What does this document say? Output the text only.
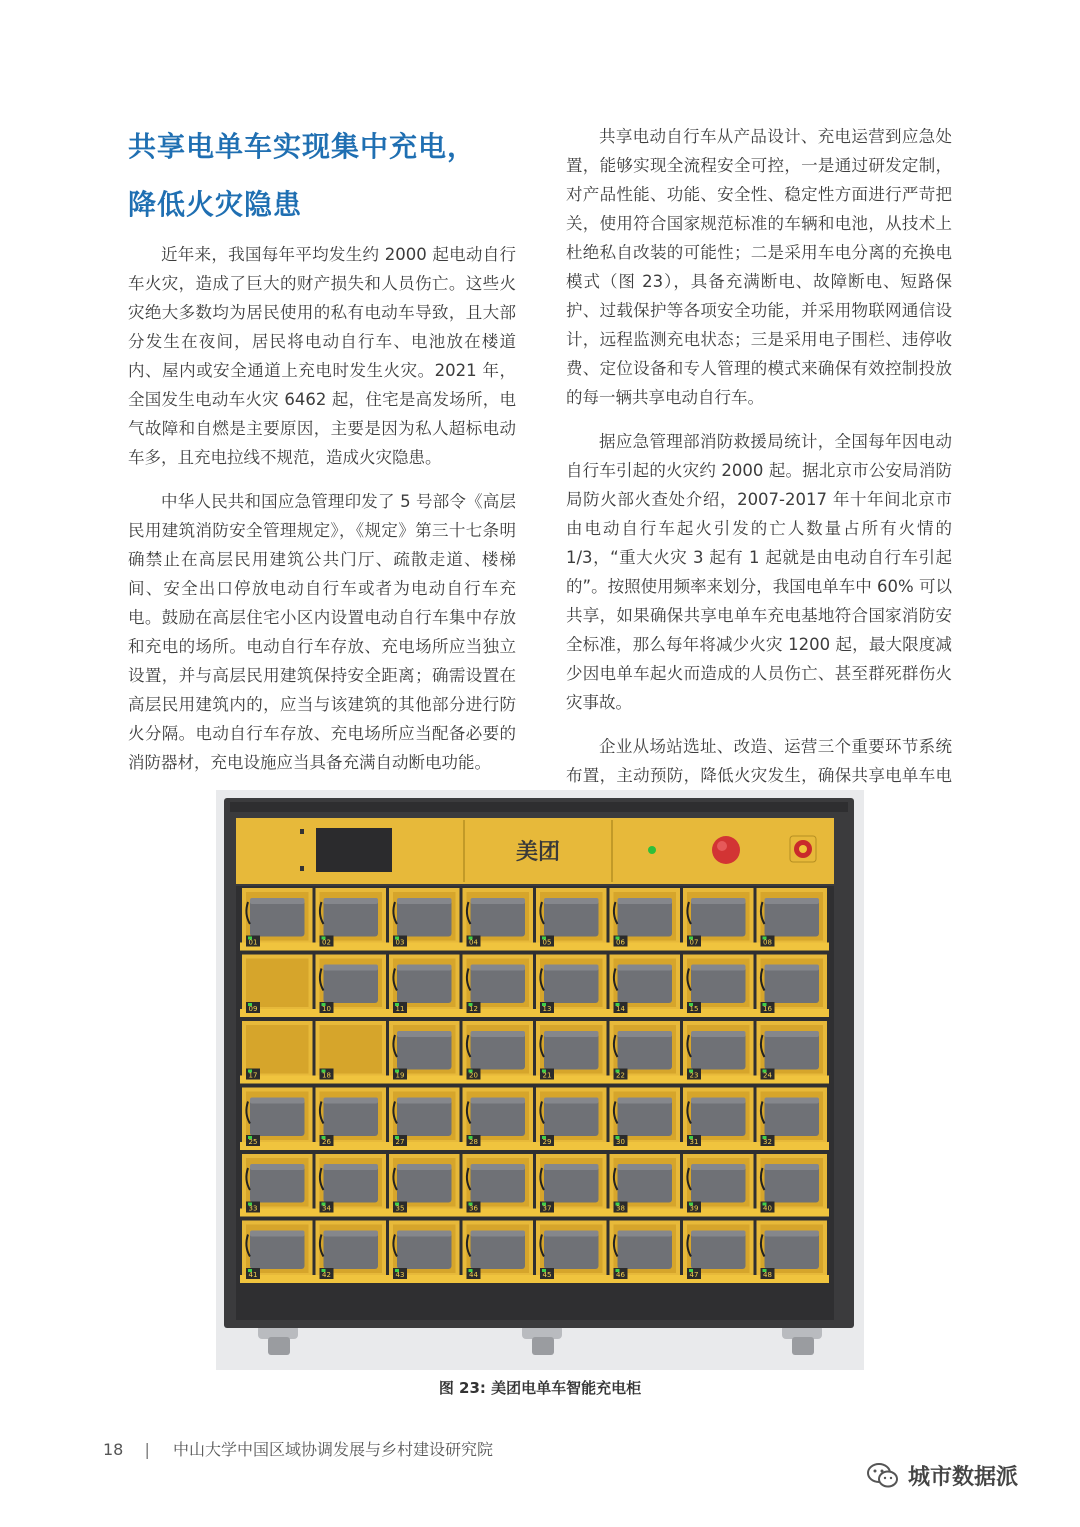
共享电单车实现集中充电，
降低火灾隐患

近年来，我国每年平均发生约 2000 起电动自行车火灾，造成了巨大的财产损失和人员伤亡。这些火灾绝大多数均为居民使用的私有电动车导致，且大部分发生在夜间，居民将电动自行车、电池放在楼道内、屋内或安全通道上充电时发生火灾。2021 年，全国发生电动车火灾 6462 起，住宅是高发场所，电气故障和自燃是主要原因，主要是因为私人超标电动车多，且充电拉线不规范，造成火灾隐患。

中华人民共和国应急管理印发了 5 号部令《高层民用建筑消防安全管理规定》，《规定》第三十七条明确禁止在高层民用建筑公共门厅、疏散走道、楼梯间、安全出口停放电动自行车或者为电动自行车充电。鼓励在高层住宅小区内设置电动自行车集中存放和充电的场所。电动自行车存放、充电场所应当独立设置，并与高层民用建筑保持安全距离；确需设置在高层民用建筑内的，应当与该建筑的其他部分进行防火分隔。电动自行车存放、充电场所应当配备必要的消防器材，充电设施应当具备充满自动断电功能。

共享电动自行车从产品设计、充电运营到应急处置，能够实现全流程安全可控，一是通过研发定制，对产品性能、功能、安全性、稳定性方面进行严苛把关，使用符合国家规范标准的车辆和电池，从技术上杜绝私自改装的可能性；二是采用车电分离的充换电模式（图 23），具备充满断电、故障断电、短路保护、过载保护等各项安全功能，并采用物联网通信设计，远程监测充电状态；三是采用电子围栏、违停收费、定位设备和专人管理的模式来确保有效控制投放的每一辆共享电动自行车。

据应急管理部消防救援局统计，全国每年因电动自行车引起的火灾约 2000 起。据北京市公安局消防局防火部火查处介绍，2007-2017 年十年间北京市由电动自行车起火引发的亡人数量占所有火情的 1/3，“重大火灾 3 起有 1 起就是由电动自行车引起的”。按照使用频率来划分，我国电单车中 60% 可以共享，如果确保共享电单车充电基地符合国家消防安全标准，那么每年将减少火灾 1200 起，最大限度减少因电单车起火而造成的人员伤亡、甚至群死群伤火灾事故。

企业从场站选址、改造、运营三个重要环节系统布置，主动预防，降低火灾发生，确保共享电单车电

美团
01	02	03	04	05	06	07	08
09	10	11	12	13	14	15	16
17	18	19	20	21	22	23	24
25	26	27	28	29	30	31	32
33	34	35	36	37	38	39	40
41	42	43	44	45	46	47	48
图 23: 美团电单车智能充电柜
18 | 中山大学中国区域协调发展与乡村建设研究院
城市数据派
